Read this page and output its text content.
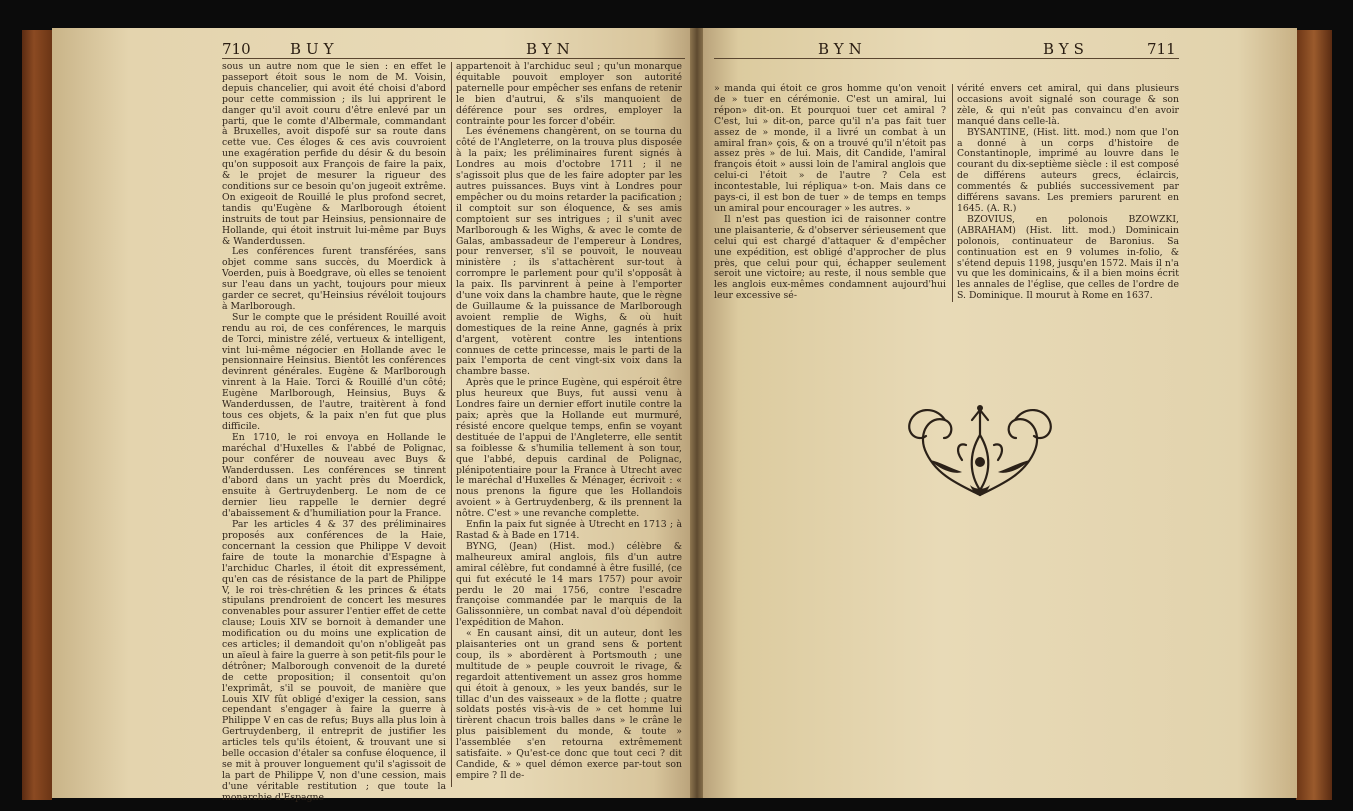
710	BUY	BYN

sous un autre nom que le sien : en effet le passeport étoit sous le nom de M. Voisin, depuis chancelier, qui avoit été choisi d'abord pour cette commission ; ils lui apprirent le danger qu'il avoit couru d'être enlevé par un parti, que le comte d'Albermale, commandant à Bruxelles, avoit dispofé sur sa route dans cette vue. Ces éloges & ces avis couvroient une exagération perfide du désir & du besoin qu'on supposoit aux François de faire la paix, & le projet de mesurer la rigueur des conditions sur ce besoin qu'on jugeoit extrême. On exigeoit de Rouillé le plus profond secret, tandis qu'Eugène & Marlborough étoient instruits de tout par Heinsius, pensionnaire de Hollande, qui étoit instruit lui-même par Buys & Wanderdussen.

Les conférences furent transférées, sans objet comme sans succès, du Moerdick à Voerden, puis à Boedgrave, où elles se tenoient sur l'eau dans un yacht, toujours pour mieux garder ce secret, qu'Heinsius révéloit toujours à Marlborough.

Sur le compte que le président Rouillé avoit rendu au roi, de ces conférences, le marquis de Torci, ministre zélé, vertueux & intelligent, vint lui-même négocier en Hollande avec le pensionnaire Heinsius. Bientôt les conférences devinrent générales. Eugène & Marlborough vinrent à la Haie. Torci & Rouillé d'un côté; Eugène Marlborough, Heinsius, Buys & Wanderdussen, de l'autre, traitèrent à fond tous ces objets, & la paix n'en fut que plus difficile.

En 1710, le roi envoya en Hollande le maréchal d'Huxelles & l'abbé de Polignac, pour conférer de nouveau avec Buys & Wanderdussen. Les conférences se tinrent d'abord dans un yacht près du Moerdick, ensuite à Gertruydenberg. Le nom de ce dernier lieu rappelle le dernier degré d'abaissement & d'humiliation pour la France.

Par les articles 4 & 37 des préliminaires proposés aux conférences de la Haie, concernant la cession que Philippe V devoit faire de toute la monarchie d'Espagne à l'archiduc Charles, il étoit dit expressément, qu'en cas de résistance de la part de Philippe V, le roi très-chrétien & les princes & états stipulans prendroient de concert les mesures convenables pour assurer l'entier effet de cette clause; Louis XIV se bornoit à demander une modification ou du moins une explication de ces articles; il demandoit qu'on n'obligeât pas un aïeul à faire la guerre à son petit-fils pour le détrôner; Malborough convenoit de la dureté de cette proposition; il consentoit qu'on l'exprimât, s'il se pouvoit, de manière que Louis XIV fût obligé d'exiger la cession, sans cependant s'engager à faire la guerre à Philippe V en cas de refus; Buys alla plus loin à Gertruydenberg, il entreprit de justifier les articles tels qu'ils étoient, & trouvant une si belle occasion d'étaler sa confuse éloquence, il se mit à prouver longuement qu'il s'agissoit de la part de Philippe V, non d'une cession, mais d'une véritable restitution ; que toute la monarchie d'Espagne

appartenoit à l'archiduc seul ; qu'un monarque équitable pouvoit employer son autorité paternelle pour empêcher ses enfans de retenir le bien d'autrui, & s'ils manquoient de déférence pour ses ordres, employer la contrainte pour les forcer d'obéir.

Les événemens changèrent, on se tourna du côté de l'Angleterre, on la trouva plus disposée à la paix; les préliminaires furent signés à Londres au mois d'octobre 1711 ; il ne s'agissoit plus que de les faire adopter par les autres puissances. Buys vint à Londres pour empêcher ou du moins retarder la pacification ; il comptoit sur son éloquence, & ses amis comptoient sur ses intrigues ; il s'unit avec Marlborough & les Wighs, & avec le comte de Galas, ambassadeur de l'empereur à Londres, pour renverser, s'il se pouvoit, le nouveau ministère ; ils s'attachèrent sur-tout à corrompre le parlement pour qu'il s'opposât à la paix. Ils parvinrent à peine à l'emporter d'une voix dans la chambre haute, que le règne de Guillaume & la puissance de Marlborough avoient remplie de Wighs, & où huit domestiques de la reine Anne, gagnés à prix d'argent, votèrent contre les intentions connues de cette princesse, mais le parti de la paix l'emporta de cent vingt-six voix dans la chambre basse.

Après que le prince Eugène, qui espéroit être plus heureux que Buys, fut aussi venu à Londres faire un dernier effort inutile contre la paix; après que la Hollande eut murmuré, résisté encore quelque temps, enfin se voyant destituée de l'appui de l'Angleterre, elle sentit sa foiblesse & s'humilia tellement à son tour, que l'abbé, depuis cardinal de Polignac, plénipotentiaire pour la France à Utrecht avec le maréchal d'Huxelles & Ménager, écrivoit : « nous prenons la figure que les Hollandois avoient » à Gertruydenberg, & ils prennent la nôtre. C'est » une revanche complette.

Enfin la paix fut signée à Utrecht en 1713 ; à Rastad & à Bade en 1714.

BYNG, (Jean) (Hist. mod.) célèbre & malheureux amiral anglois, fils d'un autre amiral célèbre, fut condamné à être fusillé, (ce qui fut exécuté le 14 mars 1757) pour avoir perdu le 20 mai 1756, contre l'escadre françoise commandée par le marquis de la Galissonnière, un combat naval d'où dépendoit l'expédition de Mahon.

« En causant ainsi, dit un auteur, dont les plaisanteries ont un grand sens & portent coup, ils » abordèrent à Portsmouth ; une multitude de » peuple couvroit le rivage, & regardoit attentivement un assez gros homme qui étoit à genoux, » les yeux bandés, sur le tillac d'un des vaisseaux » de la flotte ; quatre soldats postés vis-à-vis de » cet homme lui tirèrent chacun trois balles dans » le crâne le plus paisiblement du monde, & toute » l'assemblée s'en retourna extrêmement satisfaite. » Qu'est-ce donc que tout ceci ? dit Candide, & » quel démon exerce par-tout son empire ? Il de-

BYN	BYS	711

» manda qui étoit ce gros homme qu'on venoit de » tuer en cérémonie. C'est un amiral, lui répon» dit-on. Et pourquoi tuer cet amiral ? C'est, lui » dit-on, parce qu'il n'a pas fait tuer assez de » monde, il a livré un combat à un amiral fran» çois, & on a trouvé qu'il n'étoit pas assez près » de lui. Mais, dit Candide, l'amiral françois étoit » aussi loin de l'amiral anglois que celui-ci l'étoit » de l'autre ? Cela est incontestable, lui répliqua» t-on. Mais dans ce pays-ci, il est bon de tuer » de temps en temps un amiral pour encourager » les autres. »

Il n'est pas question ici de raisonner contre une plaisanterie, & d'observer sérieusement que celui qui est chargé d'attaquer & d'empêcher une expédition, est obligé d'approcher de plus près, que celui pour qui, échapper seulement seroit une victoire; au reste, il nous semble que les anglois eux-mêmes condamnent aujourd'hui leur excessive sé-

vérité envers cet amiral, qui dans plusieurs occasions avoit signalé son courage & son zèle, & qui n'eût pas convaincu d'en avoir manqué dans celle-là.

BYSANTINE, (Hist. litt. mod.) nom que l'on a donné à un corps d'histoire de Constantinople, imprimé au louvre dans le courant du dix-septième siècle : il est composé de différens auteurs grecs, éclaircis, commentés & publiés successivement par différens savans. Les premiers parurent en 1645. (A. R.)

BZOVIUS, en polonois BZOWZKI, (ABRAHAM) (Hist. litt. mod.) Dominicain polonois, continuateur de Baronius. Sa continuation est en 9 volumes in-folio, & s'étend depuis 1198, jusqu'en 1572. Mais il n'a vu que les dominicains, & il a bien moins écrit les annales de l'église, que celles de l'ordre de S. Dominique. Il mourut à Rome en 1637.
